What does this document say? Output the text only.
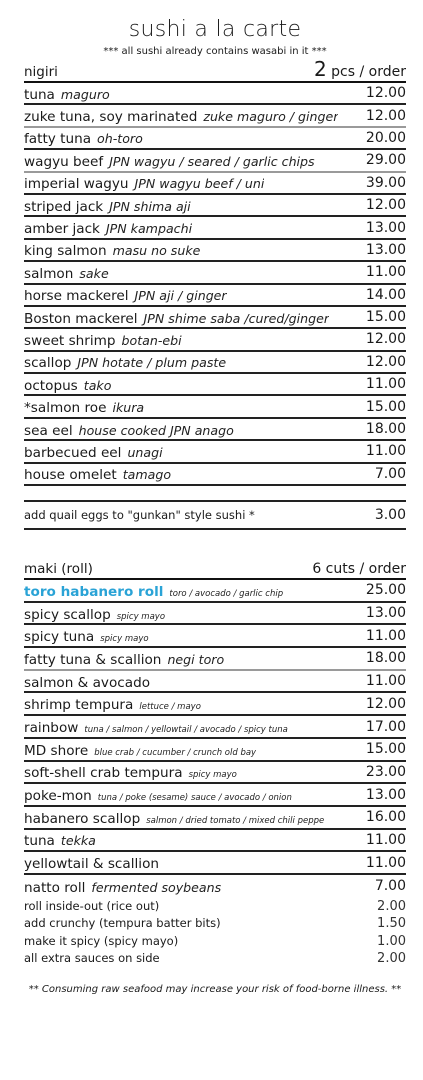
sushi a la carte
*** all sushi already contains wasabi in it ***
nigiri	2 pcs / order
tuna maguro	12.00
zuke tuna, soy marinated zuke maguro / ginger 12.00
fatty tuna oh-toro	20.00
wagyu beef JPN wagyu / seared / garlic chips	29.00
imperial wagyu JPN wagyu beef / uni	39.00
striped jack JPN shima aji	12.00
amber jack JPN kampachi	13.00
king salmon masu no suke	13.00
salmon sake	11.00
horse mackerel JPN aji / ginger	14.00
Boston mackerel JPN shime saba /cured/ginger	15.00
sweet shrimp botan-ebi	12.00
scallop JPN hotate / plum paste	12.00
octopus tako	11.00
*salmon roe ikura	15.00
sea eel house cooked JPN anago	18.00
barbecued eel unagi	11.00
house omelet tamago	7.00
add quail eggs to "gunkan" style sushi *	3.00
maki (roll)	6 cuts / order
toro habanero roll toro / avocado / garlic chip	25.00
spicy scallop spicy mayo	13.00
spicy tuna spicy mayo	11.00
fatty tuna & scallion negi toro	18.00
salmon & avocado	11.00
shrimp tempura lettuce / mayo	12.00
rainbow tuna / salmon / yellowtail / avocado / spicy tuna	17.00
MD shore blue crab / cucumber / crunch old bay	15.00
soft-shell crab tempura spicy mayo	23.00
poke-mon tuna / poke (sesame) sauce / avocado / onion	13.00
habanero scallop salmon / dried tomato / mixed chili peppe	16.00
tuna tekka	11.00
yellowtail & scallion	11.00
natto roll fermented soybeans	7.00
roll inside-out (rice out)	2.00
add crunchy (tempura batter bits)	1.50
make it spicy (spicy mayo)	1.00
all extra sauces on side	2.00
** Consuming raw seafood may increase your risk of food-borne illness. **
